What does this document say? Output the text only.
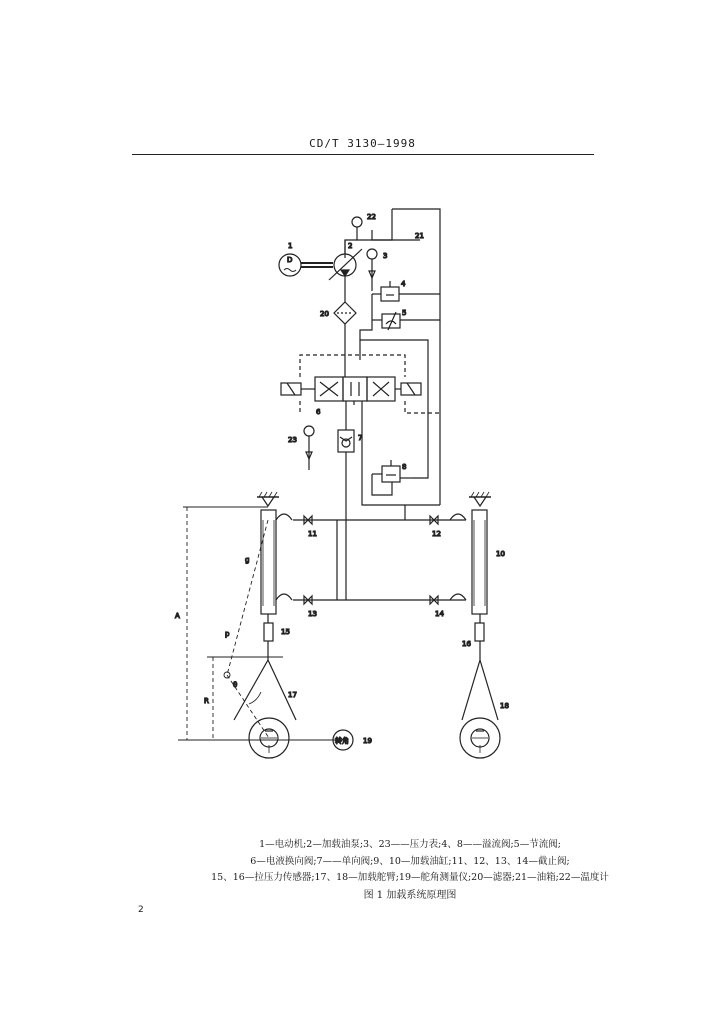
CD/T 3130—1998
22
21
D
1	2
3
4
20	5
6
23	7
8
11	12
13	14
15
17
A
R
g
p
θ
转角 19
10
16
18
1—电动机;2—加载油泵;3、23——压力表;4、8——溢流阀;5—节流阀;
6—电液换向阀;7——单向阀;9、10—加载油缸;11、12、13、14—截止阀;
15、16—拉压力传感器;17、18—加载舵臂;19—舵角测量仪;20—滤器;21—油箱;22—温度计
图 1 加载系统原理图
2
